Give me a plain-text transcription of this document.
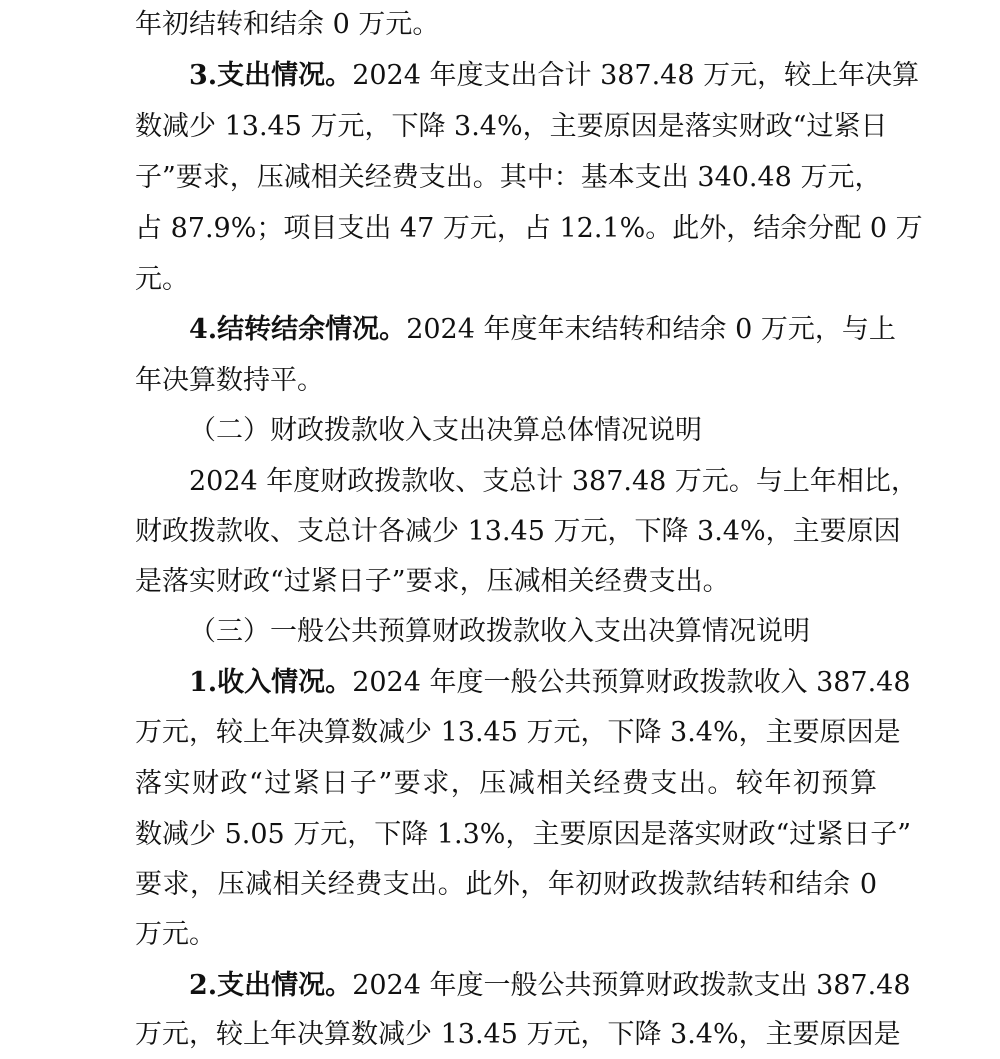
年初结转和结余 0 万元。
3.支出情况。2024 年度支出合计 387.48 万元，较上年决算
数减少 13.45 万元，下降 3.4%，主要原因是落实财政“过紧日
子”要求，压减相关经费支出。其中：基本支出 340.48 万元，
占 87.9%；项目支出 47 万元，占 12.1%。此外，结余分配 0 万
元。
4.结转结余情况。2024 年度年末结转和结余 0 万元，与上
年决算数持平。
（二）财政拨款收入支出决算总体情况说明
2024 年度财政拨款收、支总计 387.48 万元。与上年相比，
财政拨款收、支总计各减少 13.45 万元，下降 3.4%，主要原因
是落实财政“过紧日子”要求，压减相关经费支出。
（三）一般公共预算财政拨款收入支出决算情况说明
1.收入情况。2024 年度一般公共预算财政拨款收入 387.48
万元，较上年决算数减少 13.45 万元，下降 3.4%，主要原因是
落实财政“过紧日子”要求，压减相关经费支出。较年初预算
数减少 5.05 万元，下降 1.3%，主要原因是落实财政“过紧日子”
要求，压减相关经费支出。此外，年初财政拨款结转和结余 0
万元。
2.支出情况。2024 年度一般公共预算财政拨款支出 387.48
万元，较上年决算数减少 13.45 万元，下降 3.4%，主要原因是
